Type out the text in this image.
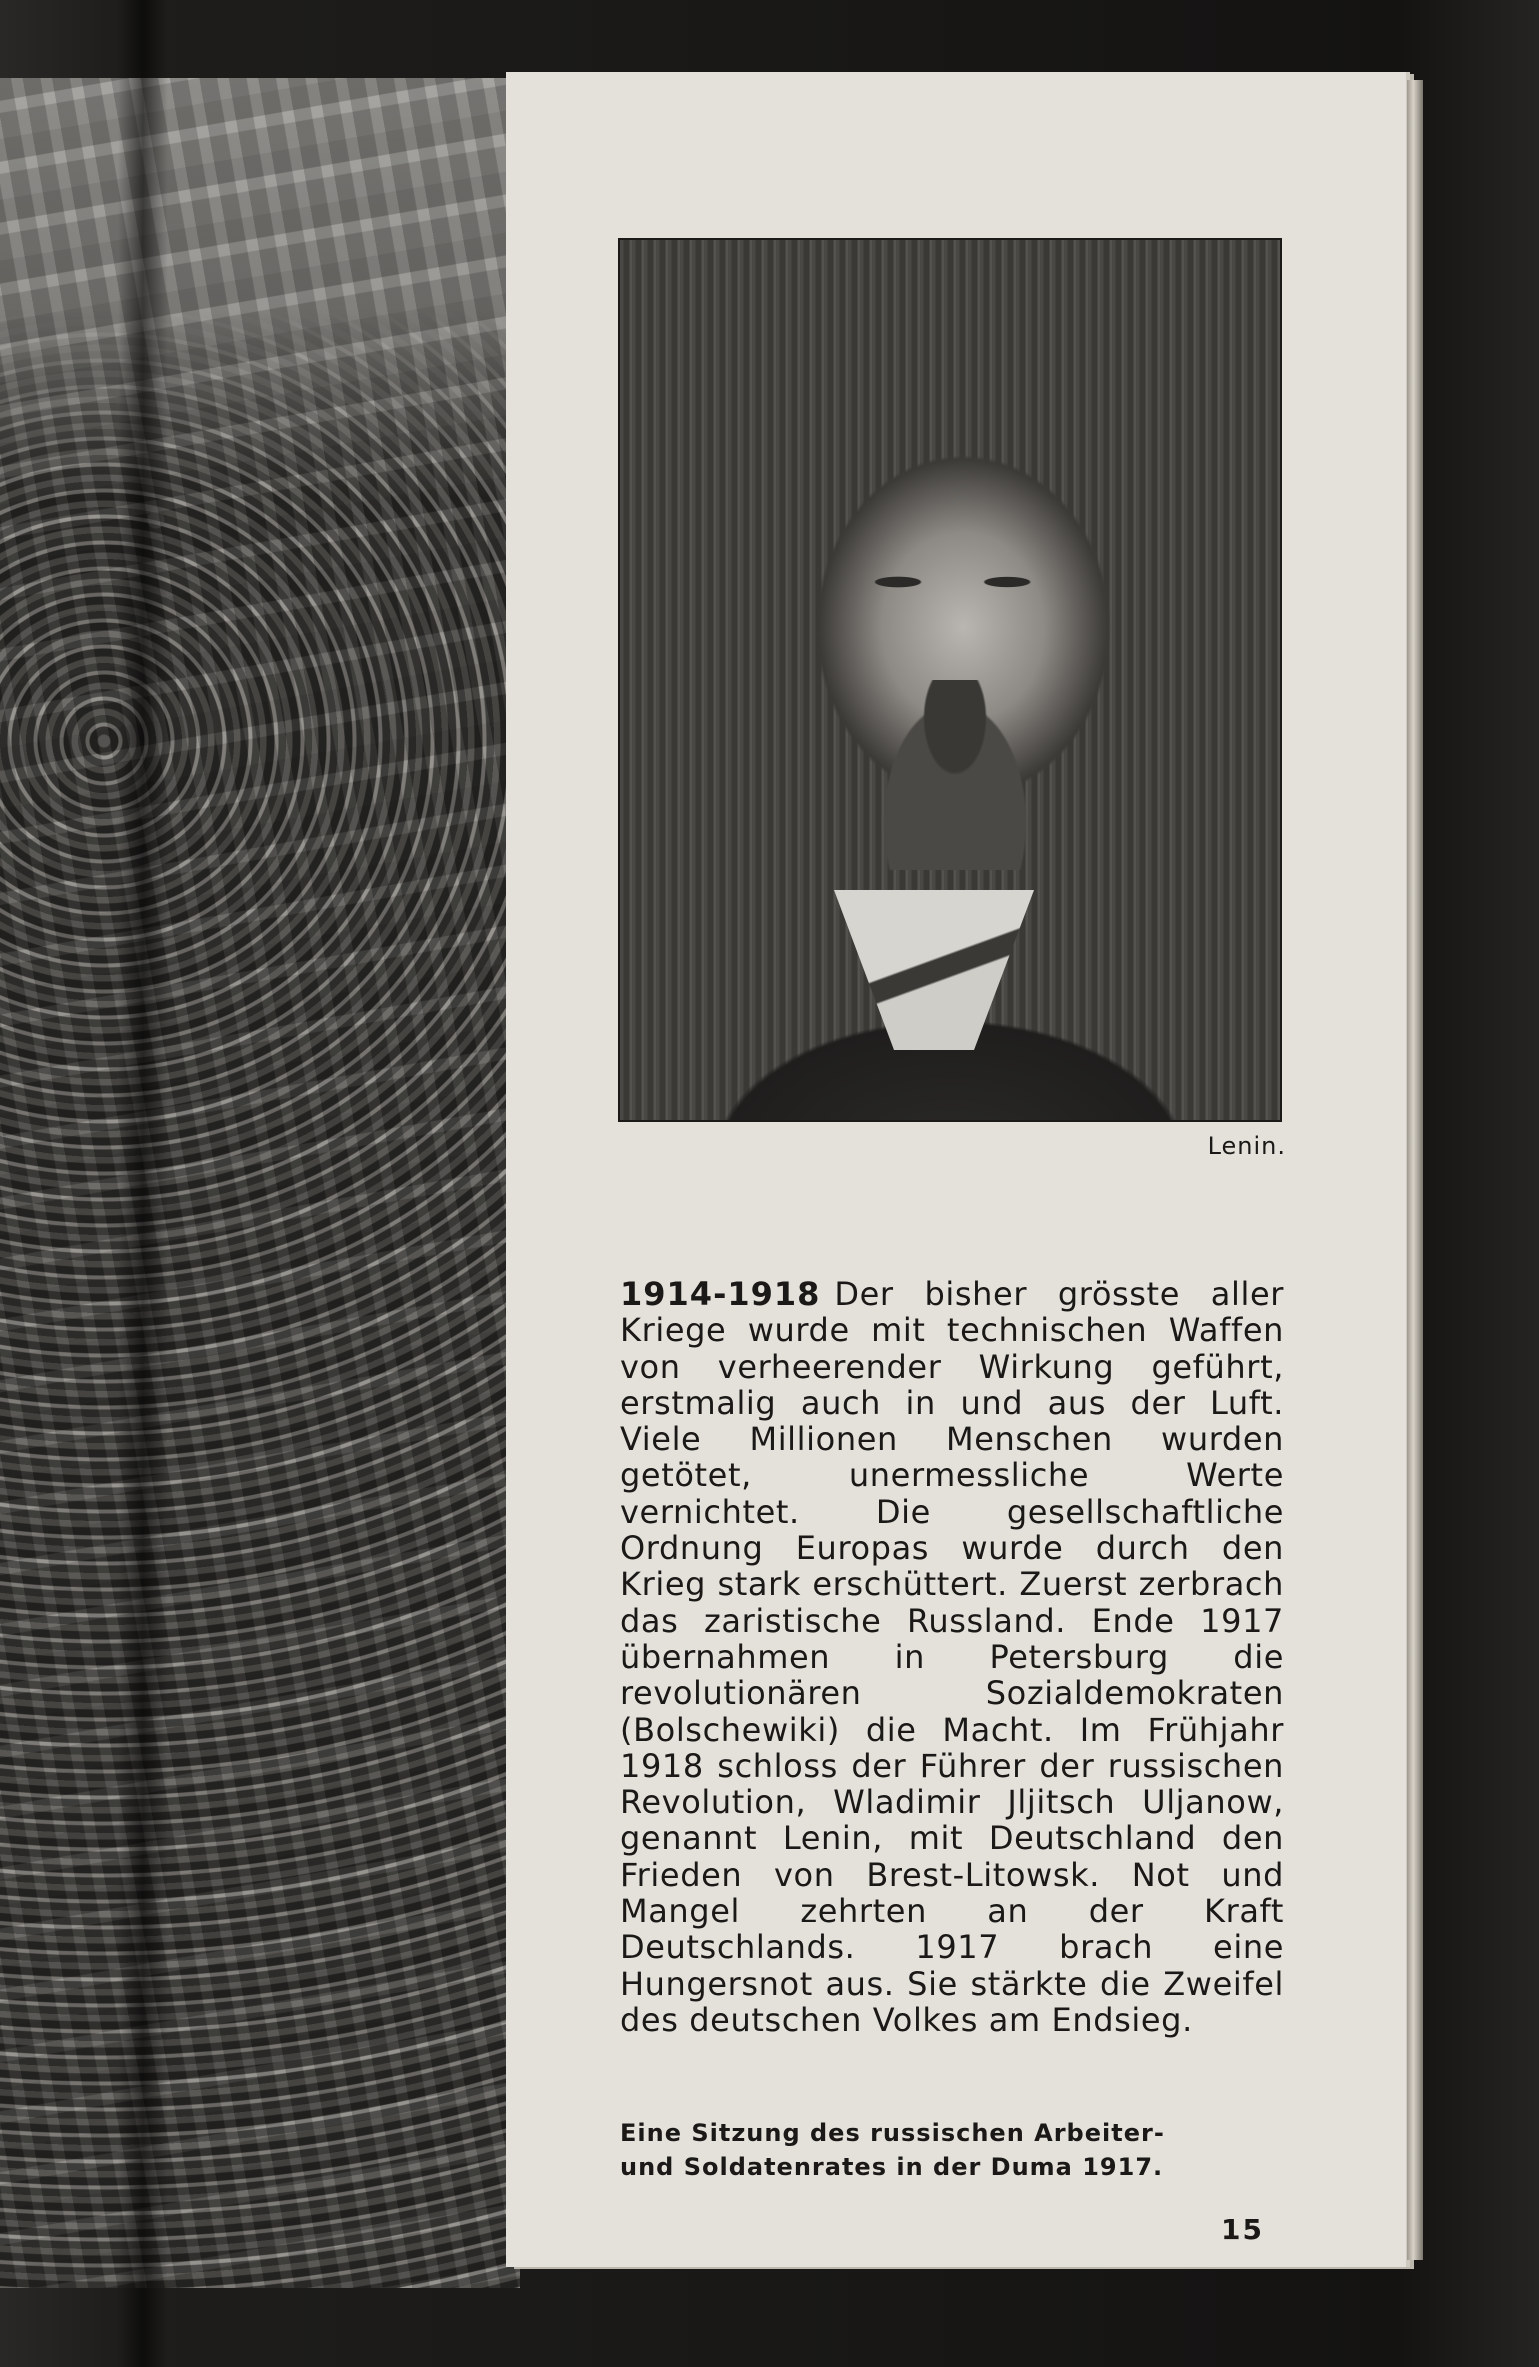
Lenin.

1914-1918 Der bisher grösste aller Kriege wurde mit technischen Waffen von verheerender Wirkung geführt, erstmalig auch in und aus der Luft. Viele Millionen Menschen wurden getötet, unermessliche Werte vernichtet. Die gesellschaftliche Ordnung Europas wurde durch den Krieg stark erschüttert. Zuerst zerbrach das zaristische Russland. Ende 1917 übernahmen in Petersburg die revolutionären Sozialdemokraten (Bolschewiki) die Macht. Im Frühjahr 1918 schloss der Führer der russischen Revolution, Wladimir Jljitsch Uljanow, genannt Lenin, mit Deutschland den Frieden von Brest-Litowsk. Not und Mangel zehrten an der Kraft Deutschlands. 1917 brach eine Hungersnot aus. Sie stärkte die Zweifel des deutschen Volkes am Endsieg.

Eine Sitzung des russischen Arbeiter-
und Soldatenrates in der Duma 1917.

15
